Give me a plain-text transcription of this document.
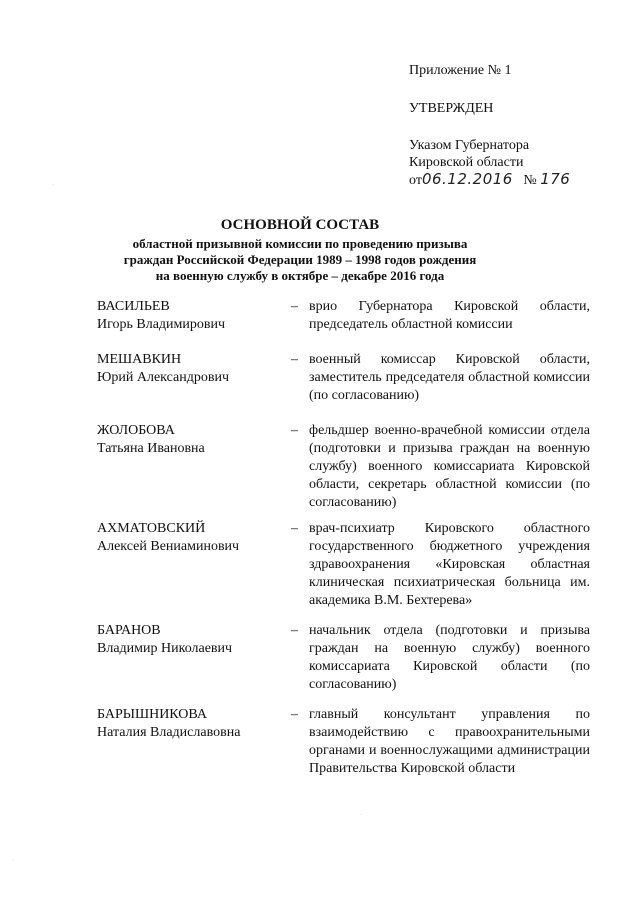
Приложение № 1
УТВЕРЖДЕН
Указом Губернатора
Кировской области
от06.12.2016 № 176
ОСНОВНОЙ СОСТАВ
областной призывной комиссии по проведению призыва
граждан Российской Федерации 1989 – 1998 годов рождения
на военную службу в октябре – декабре 2016 года
ВАСИЛЬЕВ
Игорь Владимирович
– врио Губернатора Кировской области, председатель областной комиссии
МЕШАВКИН
Юрий Александрович
– военный комиссар Кировской области, заместитель председателя областной комиссии (по согласованию)
ЖОЛОБОВА
Татьяна Ивановна
– фельдшер военно-врачебной комиссии отдела (подготовки и призыва граждан на военную службу) военного комиссариата Кировской области, секретарь областной комиссии (по согласованию)
АХМАТОВСКИЙ
Алексей Вениаминович
– врач-психиатр Кировского областного государственного бюджетного учреждения здравоохранения «Кировская областная клиническая психиатрическая больница им. академика В.М. Бехтерева»
БАРАНОВ
Владимир Николаевич
– начальник отдела (подготовки и призыва граждан на военную службу) военного комиссариата Кировской области (по согласованию)
БАРЫШНИКОВА
Наталия Владиславовна
– главный консультант управления по взаимодействию с правоохранительными органами и военнослужащими администрации Правительства Кировской области
·
·
·
